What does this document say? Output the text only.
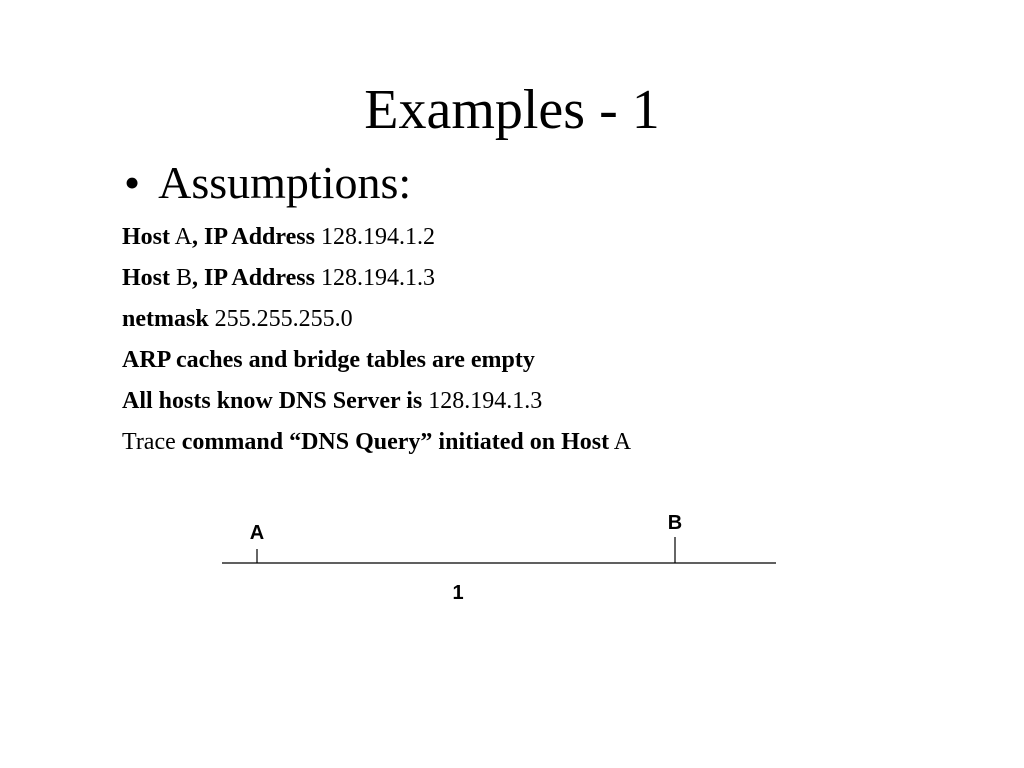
Examples - 1
• Assumptions:
Host A, IP Address 128.194.1.2
Host B, IP Address 128.194.1.3
netmask 255.255.255.0
ARP caches and bridge tables are empty
All hosts know DNS Server is 128.194.1.3
Trace command “DNS Query” initiated on Host A
A	B
1
